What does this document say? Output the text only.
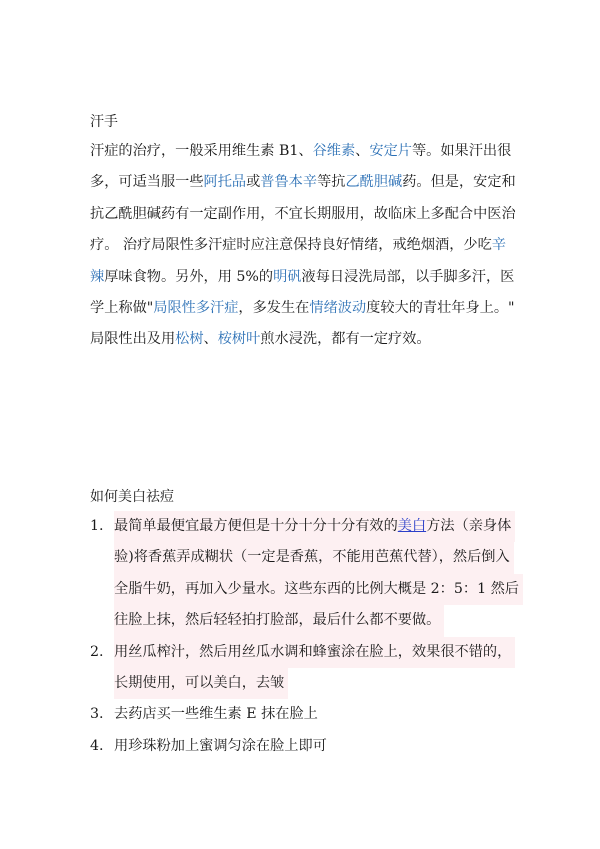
汗手
汗症的治疗，一般采用维生素 B1、谷维素、安定片等。如果汗出很
多，可适当服一些阿托品或普鲁本辛等抗乙酰胆碱药。但是，安定和
抗乙酰胆碱药有一定副作用，不宜长期服用，故临床上多配合中医治
疗。 治疗局限性多汗症时应注意保持良好情绪，戒绝烟酒，少吃辛
辣厚味食物。另外，用 5%的明矾液每日浸洗局部，以手脚多汗，医
学上称做"局限性多汗症，多发生在情绪波动度较大的青壮年身上。"
局限性出及用松树、桉树叶煎水浸洗，都有一定疗效。
如何美白祛痘
1. 最简单最便宜最方便但是十分十分十分有效的美白方法（亲身体
验)将香蕉弄成糊状（一定是香蕉，不能用芭蕉代替），然后倒入
全脂牛奶，再加入少量水。这些东西的比例大概是 2：5：1 然后
往脸上抹，然后轻轻拍打脸部，最后什么都不要做。
2. 用丝瓜榨汁，然后用丝瓜水调和蜂蜜涂在脸上，效果很不错的，
长期使用，可以美白，去皱
3. 去药店买一些维生素 E 抹在脸上
4. 用珍珠粉加上蜜调匀涂在脸上即可
